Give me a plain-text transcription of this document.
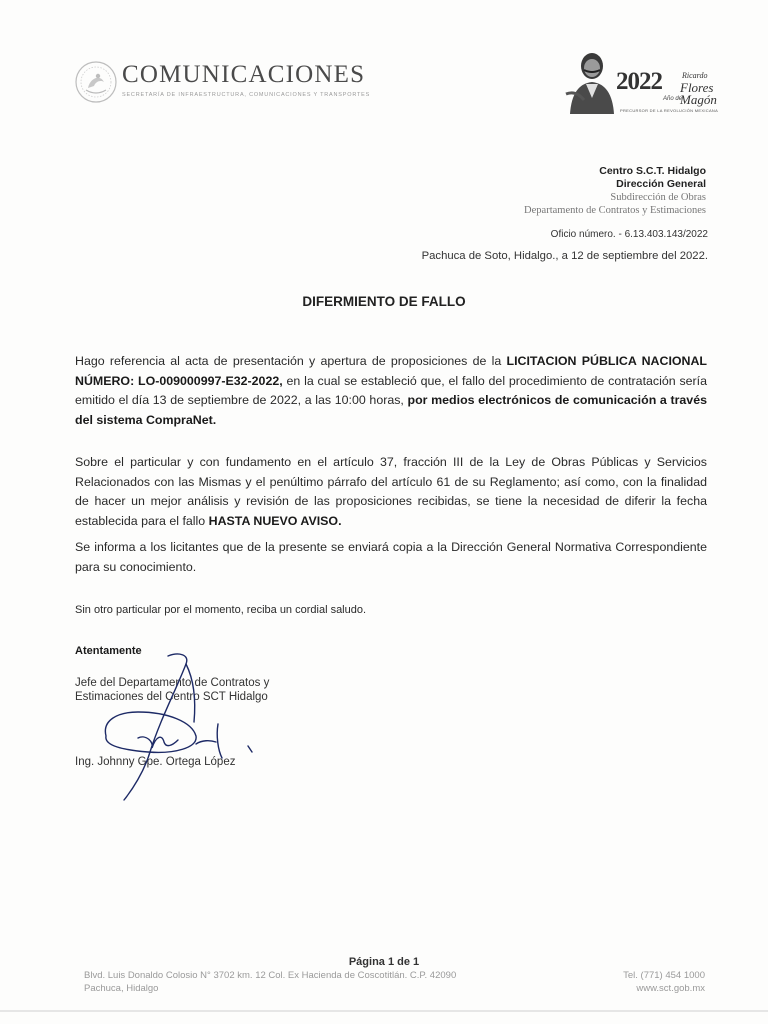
COMUNICACIONES
SECRETARÍA DE INFRAESTRUCTURA, COMUNICACIONES Y TRANSPORTES	2022	Ricardo
Flores
Magón
Año de
PRECURSOR DE LA REVOLUCIÓN MEXICANA
Centro S.C.T. Hidalgo
Dirección General
Subdirección de Obras
Departamento de Contratos y Estimaciones
Oficio número. - 6.13.403.143/2022
Pachuca de Soto, Hidalgo., a 12 de septiembre del 2022.
DIFERMIENTO DE FALLO
Hago referencia al acta de presentación y apertura de proposiciones de la LICITACION PÚBLICA NACIONAL NÚMERO: LO-009000997-E32-2022, en la cual se estableció que, el fallo del procedimiento de contratación sería emitido el día 13 de septiembre de 2022, a las 10:00 horas, por medios electrónicos de comunicación a través del sistema CompraNet.
Sobre el particular y con fundamento en el artículo 37, fracción III de la Ley de Obras Públicas y Servicios Relacionados con las Mismas y el penúltimo párrafo del artículo 61 de su Reglamento; así como, con la finalidad de hacer un mejor análisis y revisión de las proposiciones recibidas, se tiene la necesidad de diferir la fecha establecida para el fallo HASTA NUEVO AVISO.
Se informa a los licitantes que de la presente se enviará copia a la Dirección General Normativa Correspondiente para su conocimiento.
Sin otro particular por el momento, reciba un cordial saludo.
Atentamente
Jefe del Departamento de Contratos y
Estimaciones del Centro SCT Hidalgo
Ing. Johnny Gpe. Ortega López
Página 1 de 1
Blvd. Luis Donaldo Colosio N° 3702 km. 12 Col. Ex Hacienda de Coscotitlán. C.P. 42090
Pachuca, Hidalgo
Tel. (771) 454 1000
www.sct.gob.mx
